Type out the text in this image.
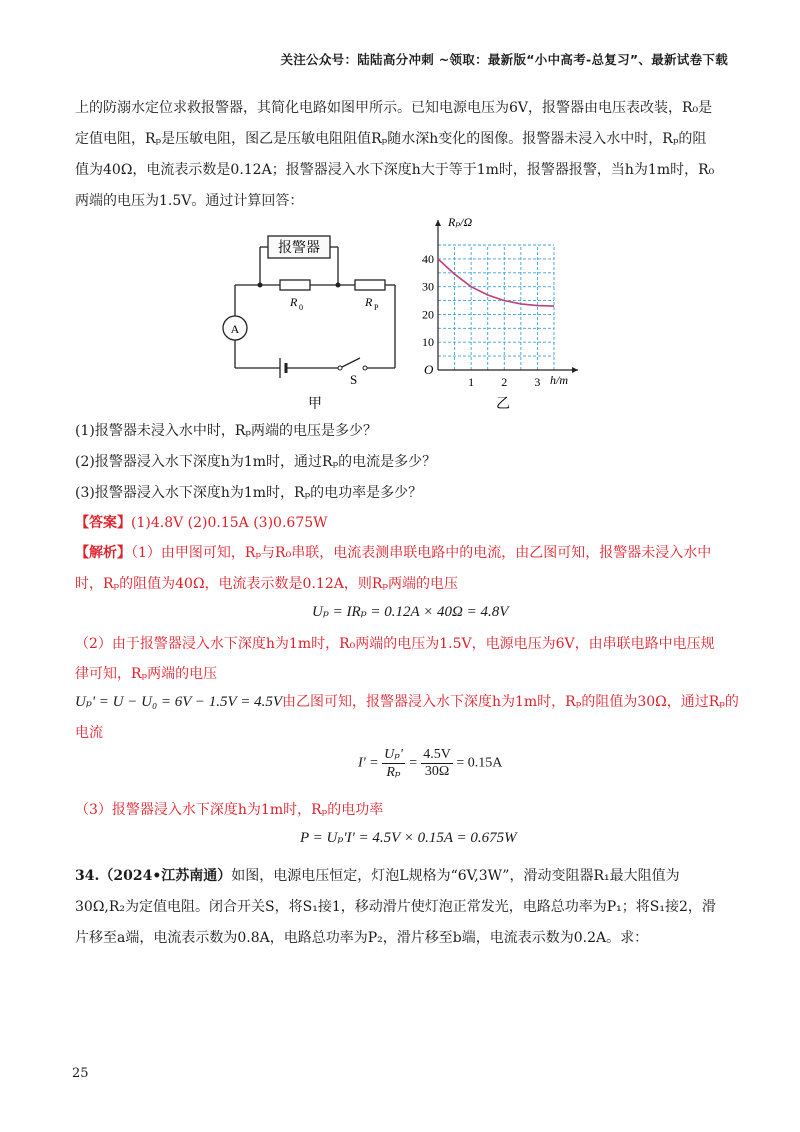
关注公众号：陆陆高分冲刺 ~领取：最新版“小中高考-总复习”、最新试卷下载
上的防溺水定位求救报警器，其简化电路如图甲所示。已知电源电压为6V，报警器由电压表改装，R₀是
定值电阻，Rₚ是压敏电阻，图乙是压敏电阻阻值Rₚ随水深h变化的图像。报警器未浸入水中时，Rₚ的阻
值为40Ω，电流表示数是0.12A；报警器浸入水下深度h大于等于1m时，报警器报警，当h为1m时，R₀
两端的电压为1.5V。通过计算回答：
报警器
R 0	R P
A
S
甲
1 2 3
10
20
30
40
Rₚ/Ω
h/m
O
乙
(1)报警器未浸入水中时，Rₚ两端的电压是多少？
(2)报警器浸入水下深度h为1m时，通过Rₚ的电流是多少？
(3)报警器浸入水下深度h为1m时，Rₚ的电功率是多少？
【答案】(1)4.8V (2)0.15A (3)0.675W
【解析】（1）由甲图可知，Rₚ与R₀串联，电流表测串联电路中的电流，由乙图可知，报警器未浸入水中
时，Rₚ的阻值为40Ω，电流表示数是0.12A，则Rₚ两端的电压
Uₚ = IRₚ = 0.12A × 40Ω = 4.8V
（2）由于报警器浸入水下深度h为1m时，R₀两端的电压为1.5V，电源电压为6V，由串联电路中电压规
律可知，Rₚ两端的电压
Uₚ' = U − U₀ = 6V − 1.5V = 4.5V由乙图可知，报警器浸入水下深度h为1m时，Rₚ的阻值为30Ω，通过Rₚ的
电流
$I' = \frac{\text{Uₚ'}}{\text{Rₚ}} = \frac{4.5V}{30\Omega} = 0.15A$
（3）报警器浸入水下深度h为1m时，Rₚ的电功率
P = Uₚ'I' = 4.5V × 0.15A = 0.675W
34.（2024•江苏南通）如图，电源电压恒定，灯泡L规格为“6V,3W”，滑动变阻器R₁最大阻值为
30Ω,R₂为定值电阻。闭合开关S，将S₁接1，移动滑片使灯泡正常发光，电路总功率为P₁；将S₁接2，滑
片移至a端，电流表示数为0.8A，电路总功率为P₂，滑片移至b端，电流表示数为0.2A。求：
25
